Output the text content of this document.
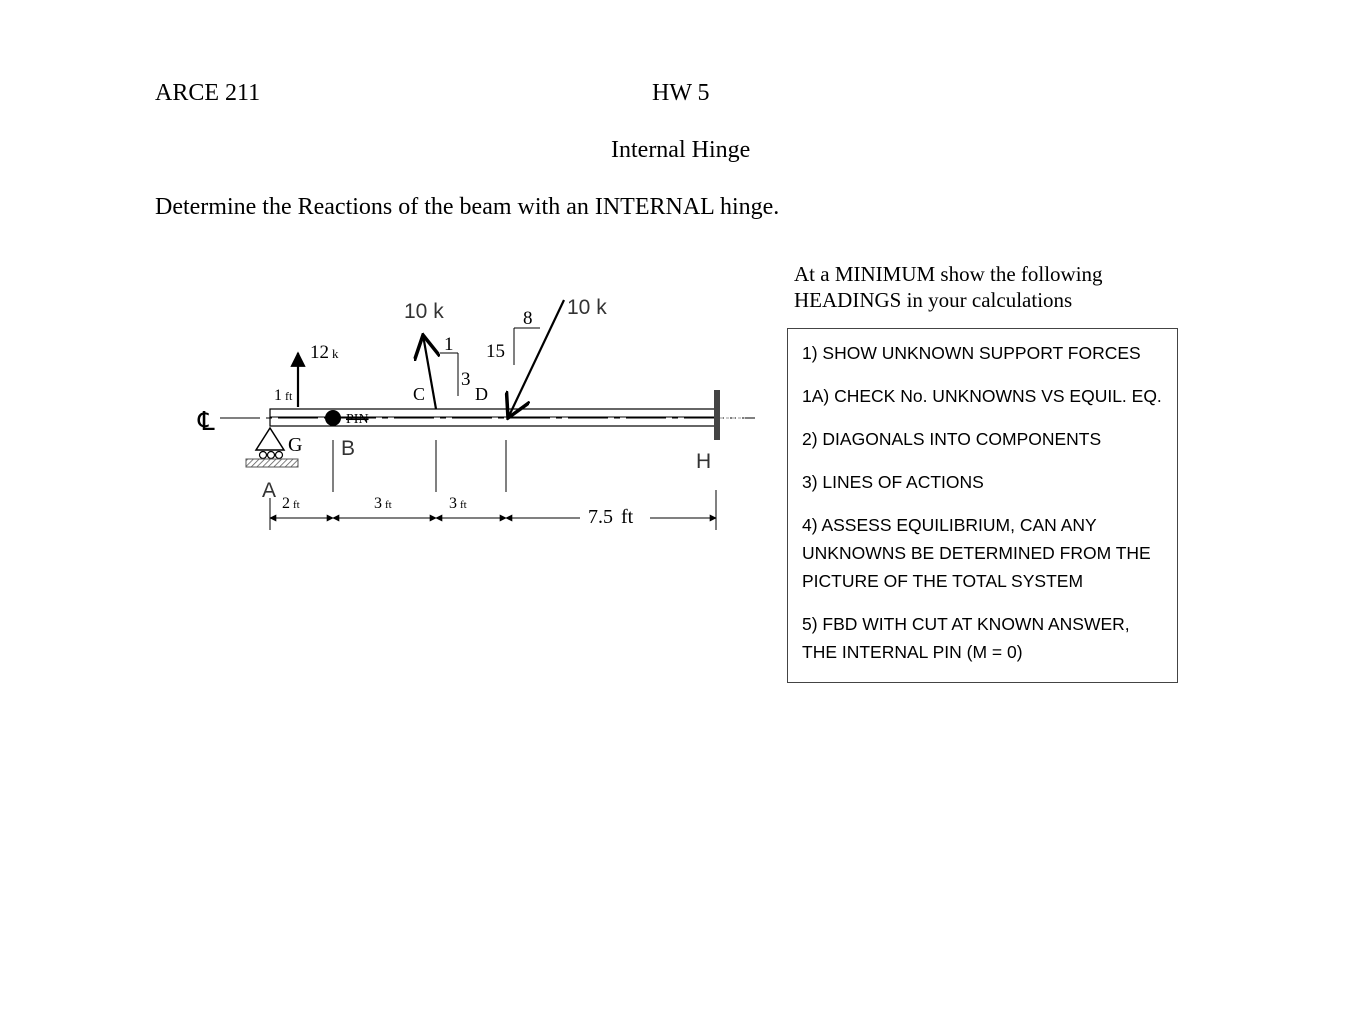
ARCE 211	HW 5
Internal Hinge
Determine the Reactions of the beam with an INTERNAL hinge.
At a MINIMUM show the following
HEADINGS in your calculations
1) SHOW UNKNOWN SUPPORT FORCES
1A) CHECK No. UNKNOWNS VS EQUIL. EQ.
2) DIAGONALS INTO COMPONENTS
3) LINES OF ACTIONS
4) ASSESS EQUILIBRIUM, CAN ANY UNKNOWNS BE DETERMINED FROM THE PICTURE OF THE TOTAL SYSTEM
5) FBD WITH CUT AT KNOWN ANSWER, THE INTERNAL PIN (M = 0)
℄
H
G
A
12 k
1 ft
PIN
B
10 k
C
1
3
10 k
D
8
15
2 ft	3 ft	3 ft
7.5 ft
